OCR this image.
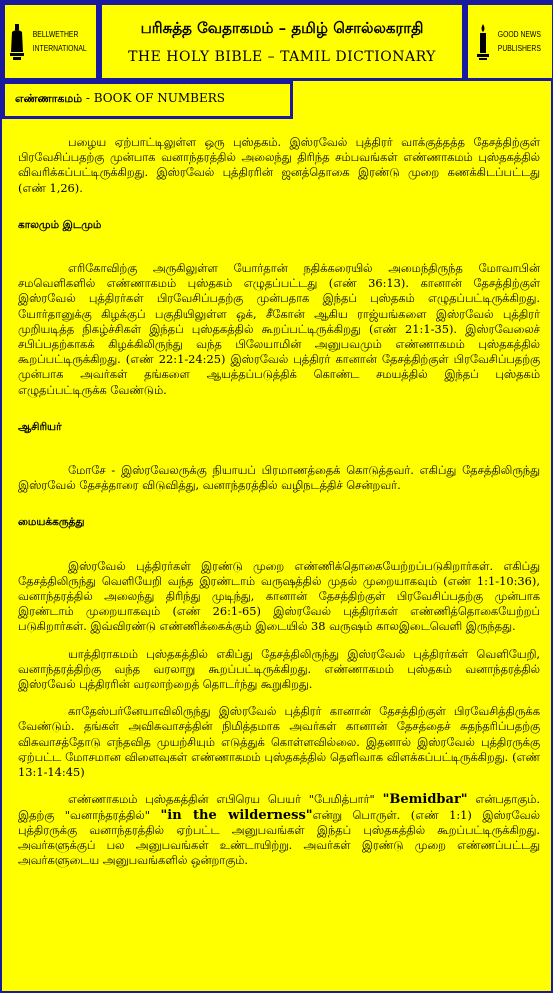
BELLWETHER
INTERNATIONAL
பரிசுத்த வேதாகமம் – தமிழ் சொல்லகராதி
THE HOLY BIBLE – TAMIL DICTIONARY
GOOD NEWS
PUBLISHERS
எண்ணாகமம் - BOOK OF NUMBERS

பழைய ஏற்பாட்டிலுள்ள ஒரு புஸ்தகம். இஸ்ரவேல் புத்திரர் வாக்குத்தத்த தேசத்திற்குள் பிரவேசிப்பதற்கு முன்பாக வனாந்தரத்தில் அலைந்து திரிந்த சம்பவங்கள் எண்ணாகமம் புஸ்தகத்தில் விவரிக்கப்பட்டிருக்கிறது. இஸ்ரவேல் புத்திரரின் ஜனத்தொகை இரண்டு முறை கணக்கிடப்பட்டது (எண் 1,26).

காலமும் இடமும்

எரிகோவிற்கு அருகிலுள்ள யோர்தான் நதிக்கரையில் அமைந்திருந்த மோவாபின் சமவெளிகளில் எண்ணாகமம் புஸ்தகம் எழுதப்பட்டது (எண் 36:13). கானான் தேசத்திற்குள் இஸ்ரவேல் புத்திரர்கள் பிரவேசிப்பதற்கு முன்பதாக இந்தப் புஸ்தகம் எழுதப்பட்டிருக்கிறது. யோர்தானுக்கு கிழக்குப் பகுதியிலுள்ள ஒக், சீகோன் ஆகிய ராஜ்யங்களை இஸ்ரவேல் புத்திரர் முறியடித்த நிகழ்ச்சிகள் இந்தப் புஸ்தகத்தில் கூறப்பட்டிருக்கிறது (எண் 21:1-35). இஸ்ரவேலைச் சபிப்பதற்காகக் கிழக்கிலிருந்து வந்த பிலேயாமின் அனுபவமும் எண்ணாகமம் புஸ்தகத்தில் கூறப்பட்டிருக்கிறது. (எண் 22:1-24:25) இஸ்ரவேல் புத்திரர் கானான் தேசத்திற்குள் பிரவேசிப்பதற்கு முன்பாக அவர்கள் தங்களை ஆயத்தப்படுத்திக் கொண்ட சமயத்தில் இந்தப் புஸ்தகம் எழுதப்பட்டிருக்க வேண்டும்.

ஆசிரியர்

மோசே - இஸ்ரவேலருக்கு நியாயப் பிரமாணத்தைக் கொடுத்தவர். எகிப்து தேசத்திலிருந்து இஸ்ரவேல் தேசத்தாரை விடுவித்து, வனாந்தரத்தில் வழிநடத்திச் சென்றவர்.

மையக்கருத்து

இஸ்ரவேல் புத்திரர்கள் இரண்டு முறை எண்ணிக்தொகையேற்றப்படுகிறார்கள். எகிப்து தேசத்திலிருந்து வெளியேறி வந்த இரண்டாம் வருஷத்தில் முதல் முறையாகவும் (எண் 1:1-10:36), வனாந்தரத்தில் அலைந்து திரிந்து முடிந்து, கானான் தேசத்திற்குள் பிரவேசிப்பதற்கு முன்பாக இரண்டாம் முறையாகவும் (எண் 26:1-65) இஸ்ரவேல் புத்திரர்கள் எண்ணித்தொகையேற்றப் படுகிறார்கள். இவ்விரண்டு எண்ணிக்கைக்கும் இடையில் 38 வருஷம் காலஇடைவெளி இருந்தது.

யாத்திராகமம் புஸ்தகத்தில் எகிப்து தேசத்திலிருந்து இஸ்ரவேல் புத்திரர்கள் வெளியேறி, வனாந்தரத்திற்கு வந்த வரலாறு கூறப்பட்டிருக்கிறது. எண்ணாகமம் புஸ்தகம் வனாந்தரத்தில் இஸ்ரவேல் புத்திரரின் வரலாற்றைத் தொடர்ந்து கூறுகிறது.

காதேஸ்பர்னேயாவிலிருந்து இஸ்ரவேல் புத்திரர் கானான் தேசத்திற்குள் பிரவேசித்திருக்க வேண்டும். தங்கள் அவிசுவாசத்தின் நிமித்தமாக அவர்கள் கானான் தேசத்தைச் சுதந்தரிப்பதற்கு விசுவாசத்தோடு எந்தவித முயற்சியும் எடுத்துக் கொள்ளவில்லை. இதனால் இஸ்ரவேல் புத்திரருக்கு ஏற்பட்ட மோசமான விளைவுகள் எண்ணாகமம் புஸ்தகத்தில் தெளிவாக விளக்கப்பட்டிருக்கிறது. (எண் 13:1-14:45)

எண்ணாகமம் புஸ்தகத்தின் எபிரெய பெயர் "பேமித்பார்" "Bemidbar" என்பதாகும். இதற்கு "வனாந்தரத்தில்" "in the wilderness"என்று பொருள். (எண் 1:1) இஸ்ரவேல் புத்திரருக்கு வனாந்தரத்தில் ஏற்பட்ட அனுபவங்கள் இந்தப் புஸ்தகத்தில் கூறப்பட்டிருக்கிறது. அவர்களுக்குப் பல அனுபவங்கள் உண்டாயிற்று. அவர்கள் இரண்டு முறை எண்ணப்பட்டது அவர்களுடைய அனுபவங்களில் ஒன்றாகும்.
